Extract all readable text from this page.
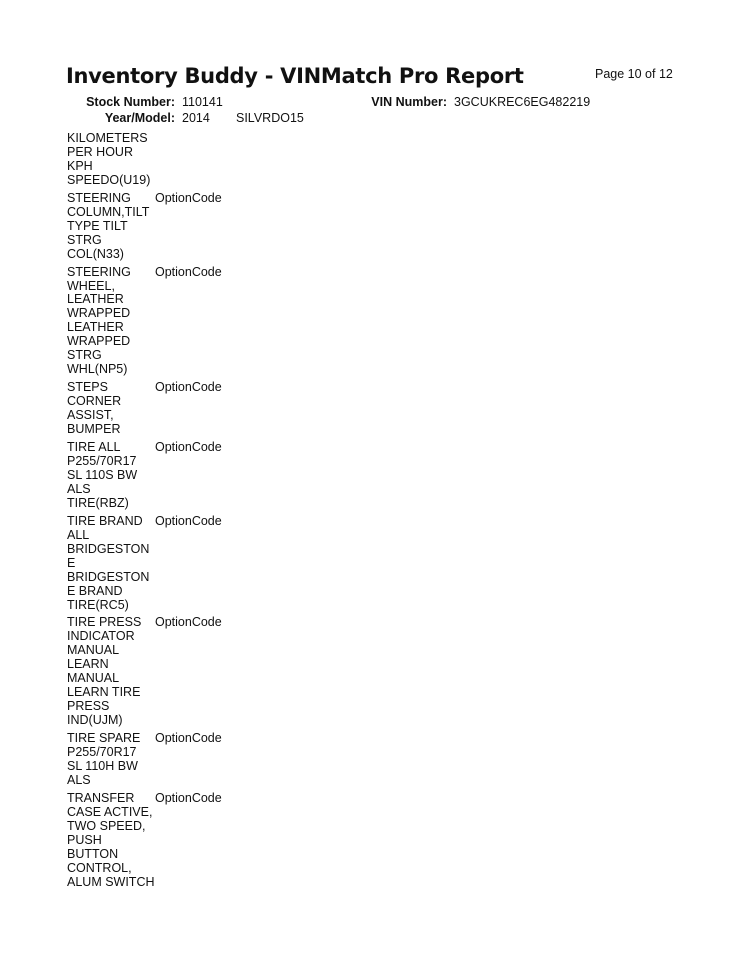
Inventory Buddy - VINMatch Pro Report	Page 10 of 12
Stock Number: 110141	VIN Number: 3GCUKREC6EG482219
Year/Model: 2014 SILVRDO15
KILOMETERS
PER HOUR
KPH
SPEEDO(U19)
STEERING
COLUMN,TILT
TYPE TILT
STRG
COL(N33)
OptionCode
STEERING
WHEEL,
LEATHER
WRAPPED
LEATHER
WRAPPED
STRG
WHL(NP5)
OptionCode
STEPS
CORNER
ASSIST,
BUMPER
OptionCode
TIRE ALL
P255/70R17
SL 110S BW
ALS
TIRE(RBZ)
OptionCode
TIRE BRAND
ALL
BRIDGESTON
E
BRIDGESTON
E BRAND
TIRE(RC5)
OptionCode
TIRE PRESS
INDICATOR
MANUAL
LEARN
MANUAL
LEARN TIRE
PRESS
IND(UJM)
OptionCode
TIRE SPARE
P255/70R17
SL 110H BW
ALS
OptionCode
TRANSFER
CASE ACTIVE,
TWO SPEED,
PUSH
BUTTON
CONTROL,
ALUM SWITCH
OptionCode
